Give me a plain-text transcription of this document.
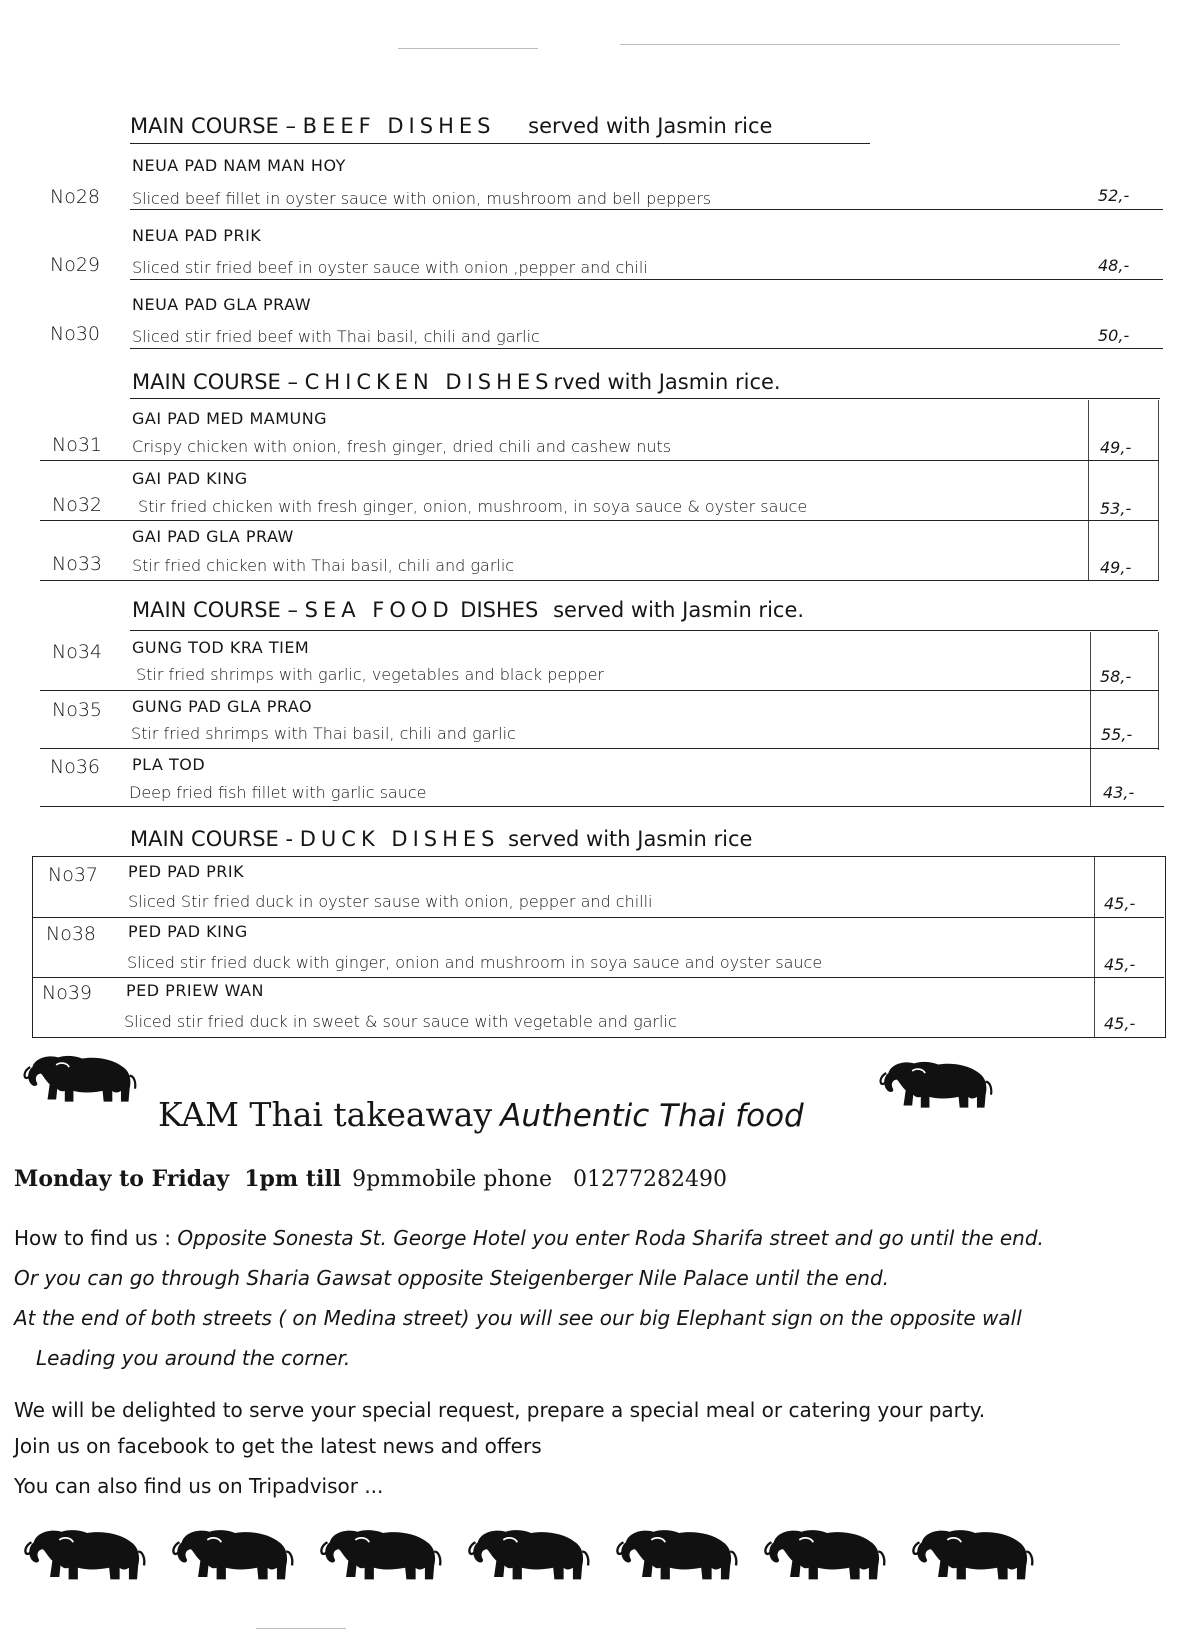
MAIN COURSE – BEEF DISHES served with Jasmin rice
NEUA PAD NAM MAN HOY
No28 Sliced beef fillet in oyster sauce with onion, mushroom and bell peppers	52,-
NEUA PAD PRIK
No29 Sliced stir fried beef in oyster sauce with onion ,pepper and chili	48,-
NEUA PAD GLA PRAW
No30 Sliced stir fried beef with Thai basil, chili and garlic	50,-
MAIN COURSE – CHICKEN DISHESrved with Jasmin rice.
GAI PAD MED MAMUNG
No31 Crispy chicken with onion, fresh ginger, dried chili and cashew nuts	49,-
GAI PAD KING
No32 Stir fried chicken with fresh ginger, onion, mushroom, in soya sauce & oyster sauce	53,-
GAI PAD GLA PRAW
No33 Stir fried chicken with Thai basil, chili and garlic	49,-
MAIN COURSE – SEA FOOD DISHES served with Jasmin rice.
No34 GUNG TOD KRA TIEM
Stir fried shrimps with garlic, vegetables and black pepper	58,-
No35 GUNG PAD GLA PRAO
Stir fried shrimps with Thai basil, chili and garlic	55,-
No36 PLA TOD
Deep fried fish fillet with garlic sauce	43,-
MAIN COURSE - DUCK DISHES served with Jasmin rice
No37 PED PAD PRIK
Sliced Stir fried duck in oyster sause with onion, pepper and chilli	45,-
No38 PED PAD KING
Sliced stir fried duck with ginger, onion and mushroom in soya sauce and oyster sauce	45,-
No39 PED PRIEW WAN
Sliced stir fried duck in sweet & sour sauce with vegetable and garlic	45,-
KAM Thai takeaway Authentic Thai food
Monday to Friday 1pm till 9pmmobile phone 01277282490
How to find us : Opposite Sonesta St. George Hotel you enter Roda Sharifa street and go until the end.
Or you can go through Sharia Gawsat opposite Steigenberger Nile Palace until the end.
At the end of both streets ( on Medina street) you will see our big Elephant sign on the opposite wall
Leading you around the corner.
We will be delighted to serve your special request, prepare a special meal or catering your party.
Join us on facebook to get the latest news and offers
You can also find us on Tripadvisor ...
